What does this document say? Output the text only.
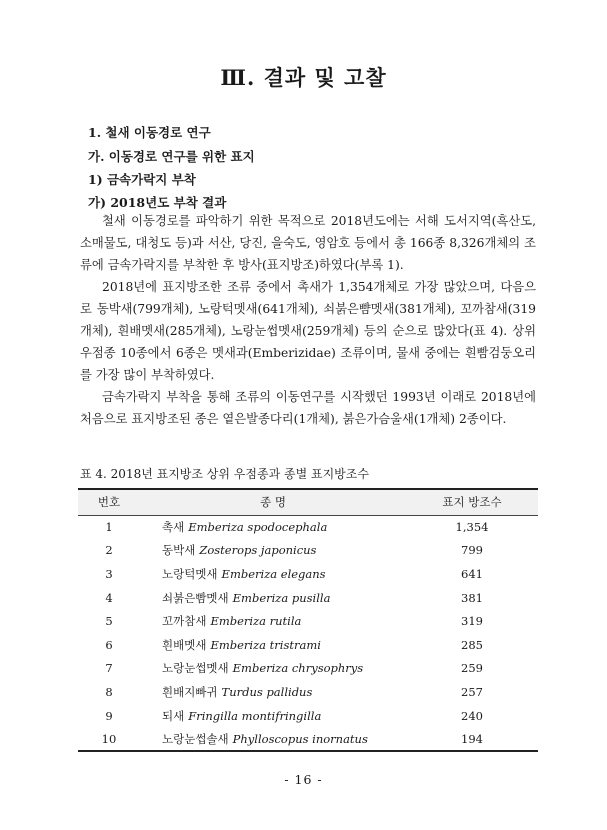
Ⅲ. 결과 및 고찰
1. 철새 이동경로 연구
가. 이동경로 연구를 위한 표지
1) 금속가락지 부착
가) 2018년도 부착 결과

철새 이동경로를 파악하기 위한 목적으로 2018년도에는 서해 도서지역(흑산도, 소매물도, 대청도 등)과 서산, 당진, 을숙도, 영암호 등에서 총 166종 8,326개체의 조류에 금속가락지를 부착한 후 방사(표지방조)하였다(부록 1).

2018년에 표지방조한 조류 중에서 촉새가 1,354개체로 가장 많았으며, 다음으로 동박새(799개체), 노랑턱멧새(641개체), 쇠붉은뺨멧새(381개체), 꼬까참새(319개체), 흰배멧새(285개체), 노랑눈썹멧새(259개체) 등의 순으로 많았다(표 4). 상위 우점종 10종에서 6종은 멧새과(Emberizidae) 조류이며, 물새 중에는 흰빰검둥오리를 가장 많이 부착하였다.

금속가락지 부착을 통해 조류의 이동연구를 시작했던 1993년 이래로 2018년에 처음으로 표지방조된 종은 옅은발종다리(1개체), 붉은가슴울새(1개체) 2종이다.

표 4. 2018년 표지방조 상위 우점종과 종별 표지방조수
번호	종 명	표지 방조수
1	촉새 Emberiza spodocephala	1,354
2	동박새 Zosterops japonicus	799
3	노랑턱멧새 Emberiza elegans	641
4	쇠붉은빰멧새 Emberiza pusilla	381
5	꼬까참새 Emberiza rutila	319
6	흰배멧새 Emberiza tristrami	285
7	노랑눈썹멧새 Emberiza chrysophrys	259
8	흰배지빠귀 Turdus pallidus	257
9	되새 Fringilla montifringilla	240
10	노랑눈썹솔새 Phylloscopus inornatus	194
- 16 -
